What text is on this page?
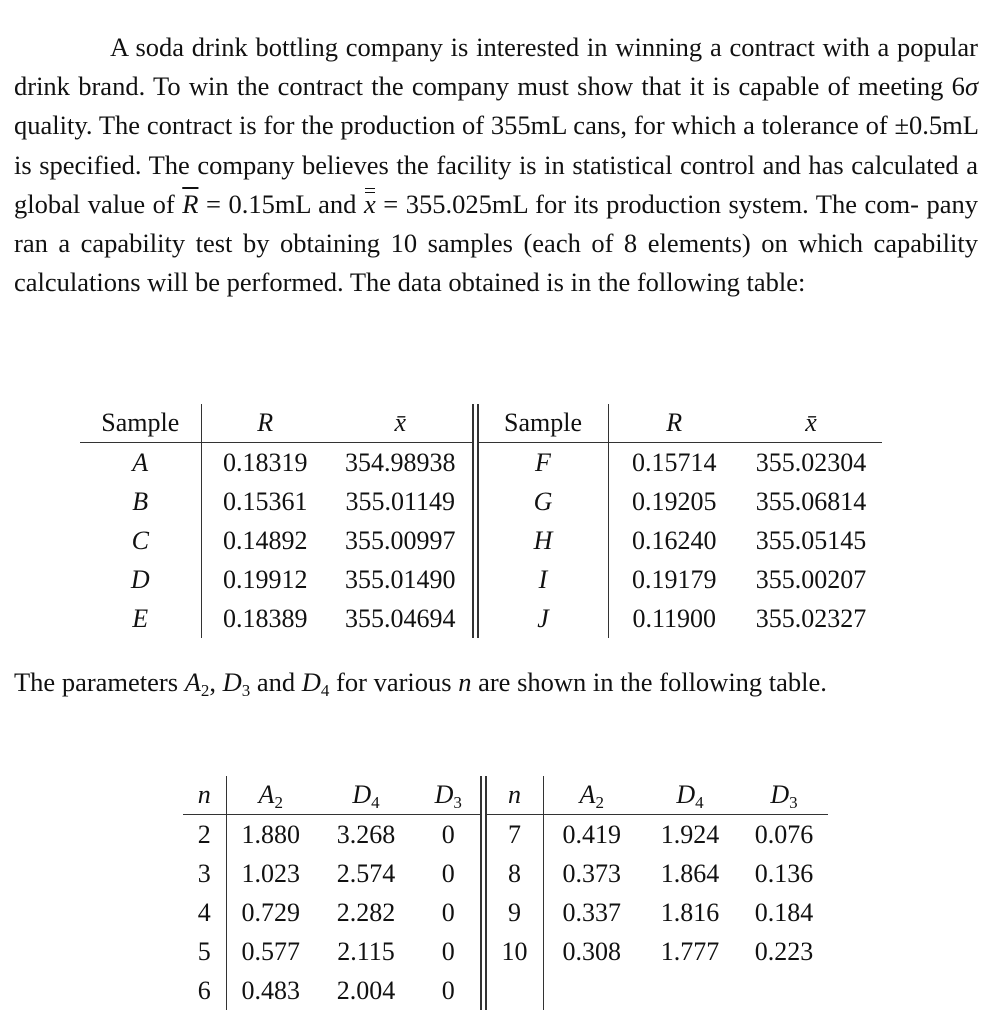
A soda drink bottling company is interested in winning a contract with a popular drink brand. To win the contract the company must show that it is capable of meeting 6σ quality. The contract is for the production of 355mL cans, for which a tolerance of ±0.5mL is specified. The company believes the facility is in statistical control and has calculated a global value of $\overline{R} = 0.15mL$ and x = 355.025mL for its production system. The com- pany ran a capability test by obtaining 10 samples (each of 8 elements) on which capability calculations will be performed. The data obtained is in the following table:

Sample	R	x̄	Sample	R	x̄
A	0.18319	354.98938	F	0.15714	355.02304
B	0.15361	355.01149	G	0.19205	355.06814
C	0.14892	355.00997	H	0.16240	355.05145
D	0.19912	355.01490	I	0.19179	355.00207
E	0.18389	355.04694	J	0.11900	355.02327

The parameters $A_2$, $D_3$ and $D_4$ for various n are shown in the following table.

n	$A_2$	$D_4$	$D_3$	n	$A_2$	$D_4$	$D_3$
2	1.880	3.268	0	7	0.419	1.924	0.076
3	1.023	2.574	0	8	0.373	1.864	0.136
4	0.729	2.282	0	9	0.337	1.816	0.184
5	0.577	2.115	0	10	0.308	1.777	0.223
6	0.483	2.004	0				
